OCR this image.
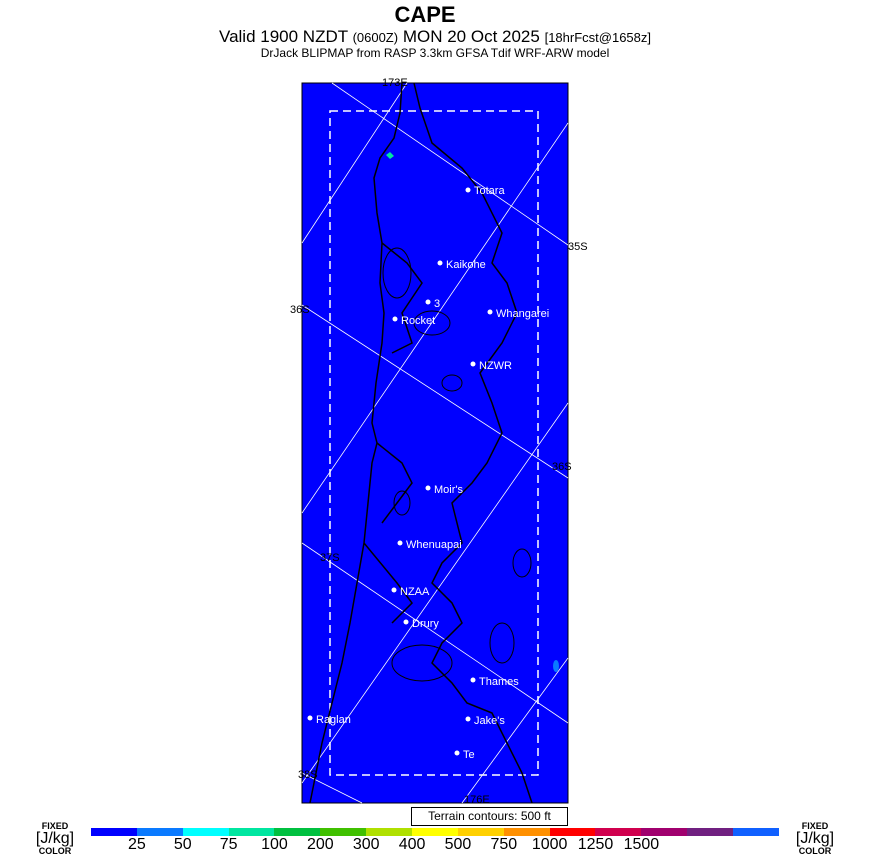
CAPE
Valid 1900 NZDT (0600Z) MON 20 Oct 2025 [18hrFcst@1658z]
DrJack BLIPMAP from RASP 3.3km GFSA Tdif WRF-ARW model
Totara
Kaikohe
3
Rocket
Whangarei
NZWR
Moir's
Whenuapai
NZAA
Drury
Thames
Raglan	Jake's
Te
173E
35S
36S
36S
37S
38S
176E
Terrain contours: 500 ft
FIXED
[J/kg]
COLOR
FIXED
[J/kg]
COLOR
25 50 75 100 200 300 400 500 750 1000 1250 1500
